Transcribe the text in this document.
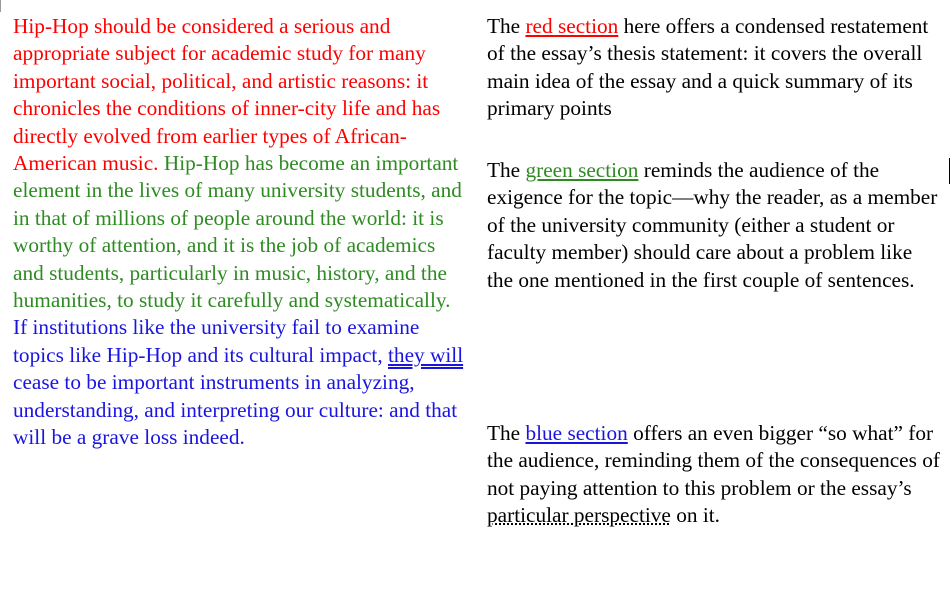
Hip-Hop should be considered a serious and appropriate subject for academic study for many important social, political, and artistic reasons: it chronicles the conditions of inner-city life and has directly evolved from earlier types of African-American music. Hip-Hop has become an important element in the lives of many university students, and in that of millions of people around the world: it is worthy of attention, and it is the job of academics and students, particularly in music, history, and the humanities, to study it carefully and systematically. If institutions like the university fail to examine topics like Hip-Hop and its cultural impact, they will cease to be important instruments in analyzing, understanding, and interpreting our culture: and that will be a grave loss indeed.

The red section here offers a condensed restatement of the essay’s thesis statement: it covers the overall main idea of the essay and a quick summary of its primary points

The green section reminds the audience of the exigence for the topic—why the reader, as a member of the university community (either a student or faculty member) should care about a problem like the one mentioned in the first couple of sentences.

The blue section offers an even bigger “so what” for the audience, reminding them of the consequences of not paying attention to this problem or the essay’s particular perspective on it.
